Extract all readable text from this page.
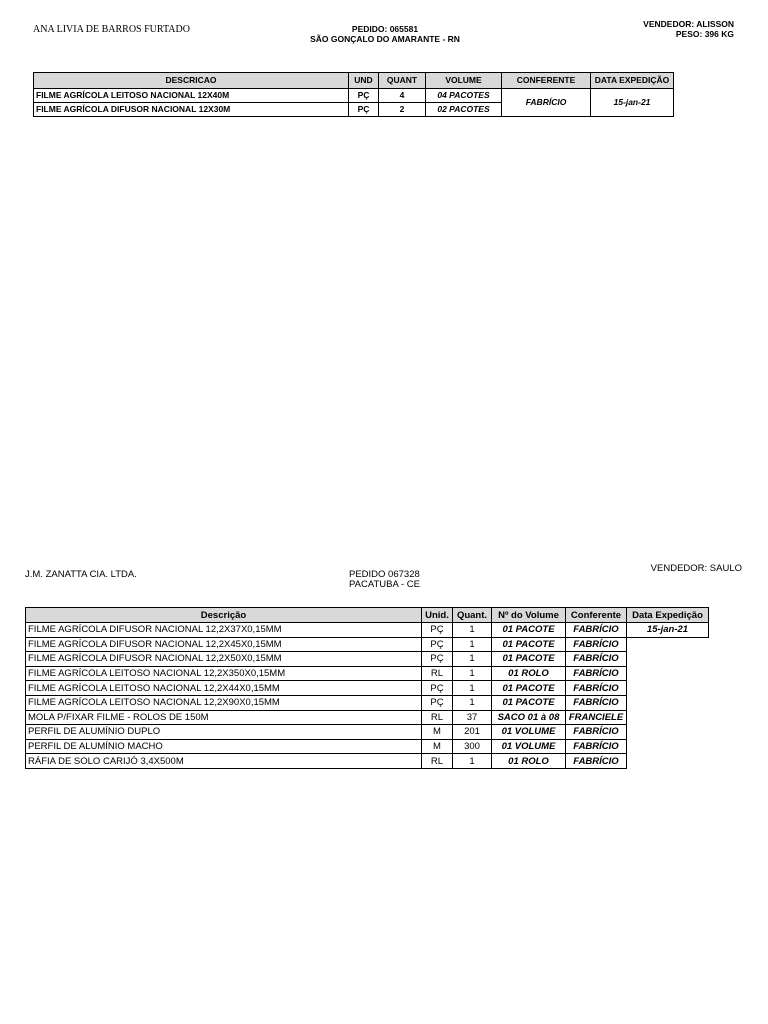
ANA LIVIA DE BARROS FURTADO	PEDIDO: 065581
SÃO GONÇALO DO AMARANTE - RN
VENDEDOR: ALISSON
PESO: 396 KG
DESCRICAO	UND	QUANT	VOLUME	CONFERENTE	DATA EXPEDIÇÃO
FILME AGRÍCOLA LEITOSO NACIONAL 12X40M	PÇ	4	04 PACOTES	FABRÍCIO	15-jan-21
FILME AGRÍCOLA DIFUSOR NACIONAL 12X30M	PÇ	2	02 PACOTES		
J.M. ZANATTA CIA. LTDA.	PEDIDO 067328
PACATUBA - CE
VENDEDOR: SAULO
Descrição	Unid.	Quant.	Nº do Volume	Conferente	Data Expedição
FILME AGRÍCOLA DIFUSOR NACIONAL 12,2X37X0,15MM	PÇ	1	01 PACOTE	FABRÍCIO	15-jan-21
FILME AGRÍCOLA DIFUSOR NACIONAL 12,2X45X0,15MM	PÇ	1	01 PACOTE	FABRÍCIO	
FILME AGRÍCOLA DIFUSOR NACIONAL 12,2X50X0,15MM	PÇ	1	01 PACOTE	FABRÍCIO	
FILME AGRÍCOLA LEITOSO NACIONAL 12,2X350X0,15MM	RL	1	01 ROLO	FABRÍCIO	
FILME AGRÍCOLA LEITOSO NACIONAL 12,2X44X0,15MM	PÇ	1	01 PACOTE	FABRÍCIO	
FILME AGRÍCOLA LEITOSO NACIONAL 12,2X90X0,15MM	PÇ	1	01 PACOTE	FABRÍCIO	
MOLA P/FIXAR FILME - ROLOS DE 150M	RL	37	SACO 01 à 08	FRANCIELE	
PERFIL DE ALUMÍNIO DUPLO	M	201	01 VOLUME	FABRÍCIO	
PERFIL DE ALUMÍNIO MACHO	M	300	01 VOLUME	FABRÍCIO	
RÁFIA DE SOLO CARIJÓ 3,4X500M	RL	1	01 ROLO	FABRÍCIO	
